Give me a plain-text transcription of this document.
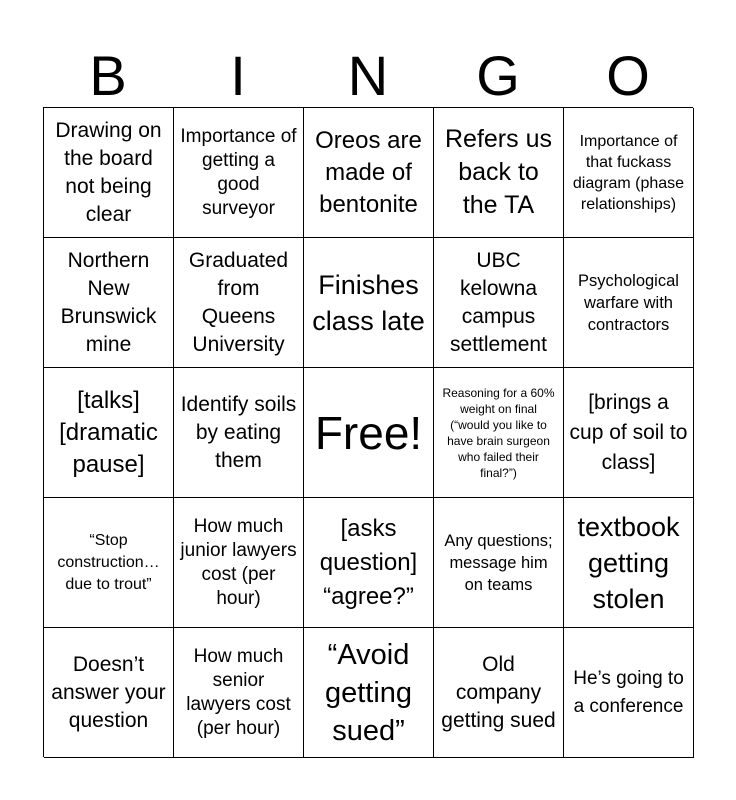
B	I	N	G	O
Drawing on the board not being clear
Importance of getting a good surveyor
Oreos are made of bentonite
Refers us back to the TA
Importance of that fuckass diagram (phase relationships)
Northern New Brunswick mine
Graduated from Queens University
Finishes class late
UBC kelowna campus settlement
Psychological warfare with contractors
[talks] [dramatic pause]
Identify soils by eating them
Free!
Reasoning for a 60% weight on final (“would you like to have brain surgeon who failed their final?”)
[brings a cup of soil to class]
“Stop construction… due to trout”
How much junior lawyers cost (per hour)
[asks question] “agree?”
Any questions; message him on teams
textbook getting stolen
Doesn’t answer your question
How much senior lawyers cost (per hour)
“Avoid getting sued”
Old company getting sued
He’s going to a conference
